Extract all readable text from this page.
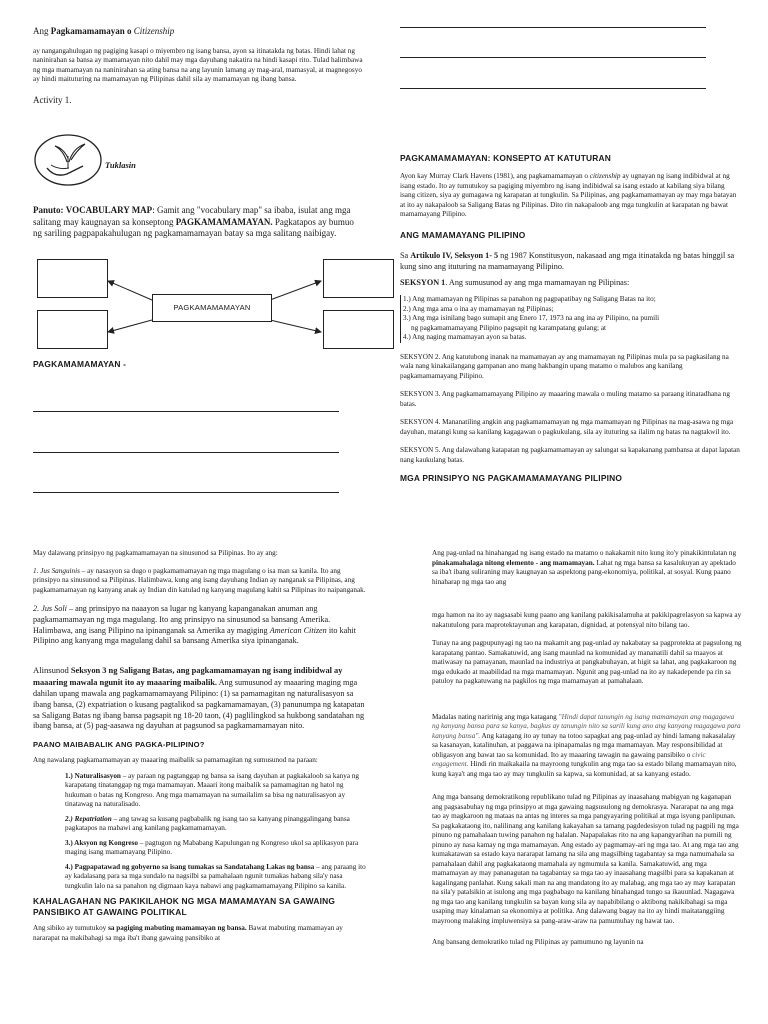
Ang Pagkamamamayan o Citizenship

ay nangangahulugan ng pagiging kasapi o miyembro ng isang bansa, ayon sa itinatakda ng batas. Hindi lahat ng naninirahan sa bansa ay mamamayan nito dahil may mga dayuhang nakatira na hindi kasapi rito. Tulad halimbawa ng mga mamamayan na naninirahan sa ating bansa na ang layunin lamang ay mag-aral, mamasyal, at magnegosyo ay hindi maituturing na mamamayan ng Pilipinas dahil sila ay mamamayan ng ibang bansa.

Activity 1.

Tuklasin

Panuto: VOCABULARY MAP: Gamit ang "vocabulary map" sa ibaba, isulat ang mga salitang may kaugnayan sa konseptong PAGKAMAMAMAYAN. Pagkatapos ay bumuo ng sariling pagpapakahulugan ng pagkamamamayan batay sa mga salitang naibigay.

PAGKAMAMAMAYAN
PAGKAMAMAMAYAN -

PAGKAMAMAMAYAN: KONSEPTO AT KATUTURAN

Ayon kay Murray Clark Havens (1981), ang pagkamamamayan o citizenship ay ugnayan ng isang indibidwal at ng isang estado. Ito ay tumutukoy sa pagiging miyembro ng isang indibidwal sa isang estado at kabilang siya bilang isang citizen, siya ay gumagawa ng karapatan at tungkulin. Sa Pilipinas, ang pagkamamamayan ay may mga batayan at ito ay nakapaloob sa Saligang Batas ng Pilipinas. Dito rin nakapaloob ang mga tungkulin at karapatan ng bawat mamamayang Pilipino.

ANG MAMAMAYANG PILIPINO

Sa Artikulo IV, Seksyon 1- 5 ng 1987 Konstitusyon, nakasaad ang mga itinatakda ng batas hinggil sa kung sino ang ituturing na mamamayang Pilipino.

SEKSYON 1. Ang sumusunod ay ang mga mamamayan ng Pilipinas:

1.) Ang mamamayan ng Pilipinas sa panahon ng pagpapatibay ng Saligang Batas na ito;

2.) Ang mga ama o ina ay mamamayan ng Pilipinas;

3.) Ang mga isinilang bago sumapit ang Enero 17, 1973 na ang ina ay Pilipino, na pumili

ng pagkamamamayang Pilipino pagsapit ng karampatang gulang; at

4.) Ang naging mamamayan ayon sa batas.

SEKSYON 2. Ang katutubong inanak na mamamayan ay ang mamamayan ng Pilipinas mula pa sa pagkasilang na wala nang kinakailangang gampanan ano mang hakbangin upang matamo o malubos ang kanilang pagkamamamayang Pilipino.

SEKSYON 3. Ang pagkamamamayang Pilipino ay maaaring mawala o muling matamo sa paraang itinatadhana ng batas.

SEKSYON 4. Mananatiling angkin ang pagkamamamayan ng mga mamamayan ng Pilipinas na mag-asawa ng mga dayuhan, matangi kung sa kanilang kagagawan o pagkukulang, sila ay ituturing sa ilalim ng batas na nagtakwil ito.

SEKSYON 5. Ang dalawahang katapatan ng pagkamamamayan ay salungat sa kapakanang pambansa at dapat lapatan nang kaukulang batas.

MGA PRINSIPYO NG PAGKAMAMAMAYANG PILIPINO

May dalawang prinsipyo ng pagkamamamayan na sinusunod sa Pilipinas. Ito ay ang:

1. Jus Sanguinis – ay nasasyon sa dugo o pagkamamamayan ng mga magulang o isa man sa kanila. Ito ang prinsipyo na sinusunod sa Pilipinas. Halimbawa, kung ang isang dayuhang Indian ay nanganak sa Pilipinas, ang pagkamamamayan ng kanyang anak ay Indian din katulad ng kanyang magulang kahit sa Pilipinas ito naipanganak.

2. Jus Soli – ang prinsipyo na naaayon sa lugar ng kanyang kapanganakan anuman ang pagkamamamayan ng mga magulang. Ito ang prinsipyo na sinusunod sa bansang Amerika. Halimbawa, ang isang Pilipino na ipinanganak sa Amerika ay magiging American Citizen ito kahit Pilipino ang kanyang mga magulang dahil sa bansang Amerika siya ipinanganak.

Alinsunod Seksyon 3 ng Saligang Batas, ang pagkamamamayan ng isang indibidwal ay maaaring mawala ngunit ito ay maaaring maibalik. Ang sumusunod ay maaaring maging mga dahilan upang mawala ang pagkamamamayang Pilipino: (1) sa pamamagitan ng naturalisasyon sa ibang bansa, (2) expatriation o kusang pagtalikod sa pagkamamamayan, (3) panunumpa ng katapatan sa Saligang Batas ng ibang bansa pagsapit ng 18-20 taon, (4) paglilingkod sa hukbong sandatahan ng ibang bansa, at (5) pag-aasawa ng dayuhan at pagsunod sa pagkamamamayan nito.

PAANO MAIBABALIK ANG PAGKA-PILIPINO?

Ang nawalang pagkamamamayan ay maaaring maibalik sa pamamagitan ng sumusunod na paraan:

1.) Naturalisasyon – ay paraan ng pagtanggap ng bansa sa isang dayuhan at pagkakaloob sa kanya ng karapatang tinatanggap ng mga mamamayan. Maaari itong maibalik sa pamamagitan ng hatol ng hukuman o batas ng Kongreso. Ang mga mamamayan na sumailalim sa bisa ng naturalisasyon ay tinatawag na naturalisado.

2.) Repatriation – ang tawag sa kusang pagbabalik ng isang tao sa kanyang pinanggalingang bansa pagkatapos na mabawi ang kanilang pagkamamamayan.

3.) Aksyon ng Kongreso – pagtugon ng Mababang Kapulungan ng Kongreso ukol sa aplikasyon para maging isang mamamayang Pilipino.

4.) Pagpapatawad ng gobyerno sa isang tumakas sa Sandatahang Lakas ng bansa – ang paraang ito ay kadalasang para sa mga sundalo na nagsilbi sa pamahalaan ngunit tumakas habang sila'y nasa tungkulin lalo na sa panahon ng digmaan kaya nabawi ang pagkamamamayang Pilipino sa kanila.

KAHALAGAHAN NG PAKIKILAHOK NG MGA MAMAMAYAN SA GAWAING PANSIBIKO AT GAWAING POLITIKAL

Ang sibiko ay tumutukoy sa pagiging mabuting mamamayan ng bansa. Bawat mabuting mamamayan ay nararapat na makibahagi sa mga iba't ibang gawaing pansibiko at

Ang pag-unlad na hinahangad ng isang estado na matamo o nakakamit nito kung ito'y pinakikintulatan ng pinakamahalaga nitong elemento - ang mamamayan. Lahat ng mga bansa sa kasalukuyan ay apektado sa iba't ibang suliraning may kaugnayan sa aspektong pang-ekonomiya, politikal, at sosyal. Kung paano hinaharap ng mga tao ang

mga hamon na ito ay nagsasabi kung paano ang kanilang pakikisalamuha at pakikipagrelasyon sa kapwa ay nakatutulong para maprotektayunan ang karapatan, dignidad, at potensyal nito bilang tao.

Tunay na ang pagpupunyagi ng tao na makamit ang pag-unlad ay nakabatay sa pagprotekta at pagsulong ng karapatang pantao. Samakatuwid, ang isang maunlad na komunidad ay mananatili dahil sa maayos at matiwasay na pamayanan, maunlad na industriya at pangkabuhayan, at higit sa lahat, ang pagkakaroon ng mga edukado at maabilidad na mga mamamayan. Ngunit ang pag-unlad na ito ay nakadepende pa rin sa patuloy na pagkatuwang na pagkilos ng mga mamamayan at pamahalaan.

Madalas nating naririnig ang mga katagang "Hindi dapat tanungin ng isang mamamayan ang magagawa ng kanyang bansa para sa kanya, bagkus ay tanungin nito sa sarili kung ano ang kanyang magagawa para kanyang bansa". Ang katagang ito ay tunay na totoo sapagkat ang pag-unlad ay hindi lamang nakasalalay sa kasanayan, katalinuhan, at paggawa na ipinapamalas ng mga mamamayan. May responsibilidad at obligasyon ang bawat tao sa komunidad. Ito ay maaaring tawagin na gawaing pansibiko o civic engagement. Hindi rin maikakaila na mayroong tungkulin ang mga tao sa estado bilang mamamayan nito, kung kaya't ang mga tao ay may tungkulin sa kapwa, sa komunidad, at sa kanyang estado.

Ang mga bansang demokratikong republikano tulad ng Pilipinas ay inaasahang mabigyan ng kaganapan ang pagsasabuhay ng mga prinsipyo at mga gawaing nagsusulong ng demokrasya. Nararapat na ang mga tao ay magkaroon ng mataas na antas ng interes sa mga pangyayaring politikal at mga isyung panlipunan. Sa pagkakataong ito, nalilinang ang kanilang kakayahan sa tamang pagdedesisyon tulad ng pagpili ng mga pinuno ng pamahalaan tuwing panahon ng halalan. Napapalakas rito na ang kapangyarihan na pumili ng pinuno ay nasa kamay ng mga mamamayan. Ang estado ay pagmamay-ari ng mga tao. At ang mga tao ang kumakatawan sa estado kaya nararapat lamang na sila ang magsilbing tagabantay sa mga namumahala sa pamahalaan dahil ang pagkakataong mamahala ay ngmumula sa kanila. Samakatuwid, ang mga mamamayan ay may pananagutan na tagabantay sa mga tao ay inaasahang magsilbi para sa kapakanan at kagalingang panlahat. Kung sakali man na ang mandatong ito ay malabag, ang mga tao ay may karapatan na sila'y patalsikin at isulong ang mga pagbabago na kanilang hinahangad tungo sa ikauunlad. Nagagawa ng mga tao ang kanilang tungkulin sa bayan kung sila ay napabibilang o aktibong nakikibahagi sa mga usaping may kinalaman sa ekonomiya at politika. Ang dalawang bagay na ito ay hindi maitatanggiing mayroong malaking impluwensiya sa pang-araw-araw na pamumuhay ng bawat tao.

Ang bansang demokratiko tulad ng Pilipinas ay pamumuno ng layunin na
